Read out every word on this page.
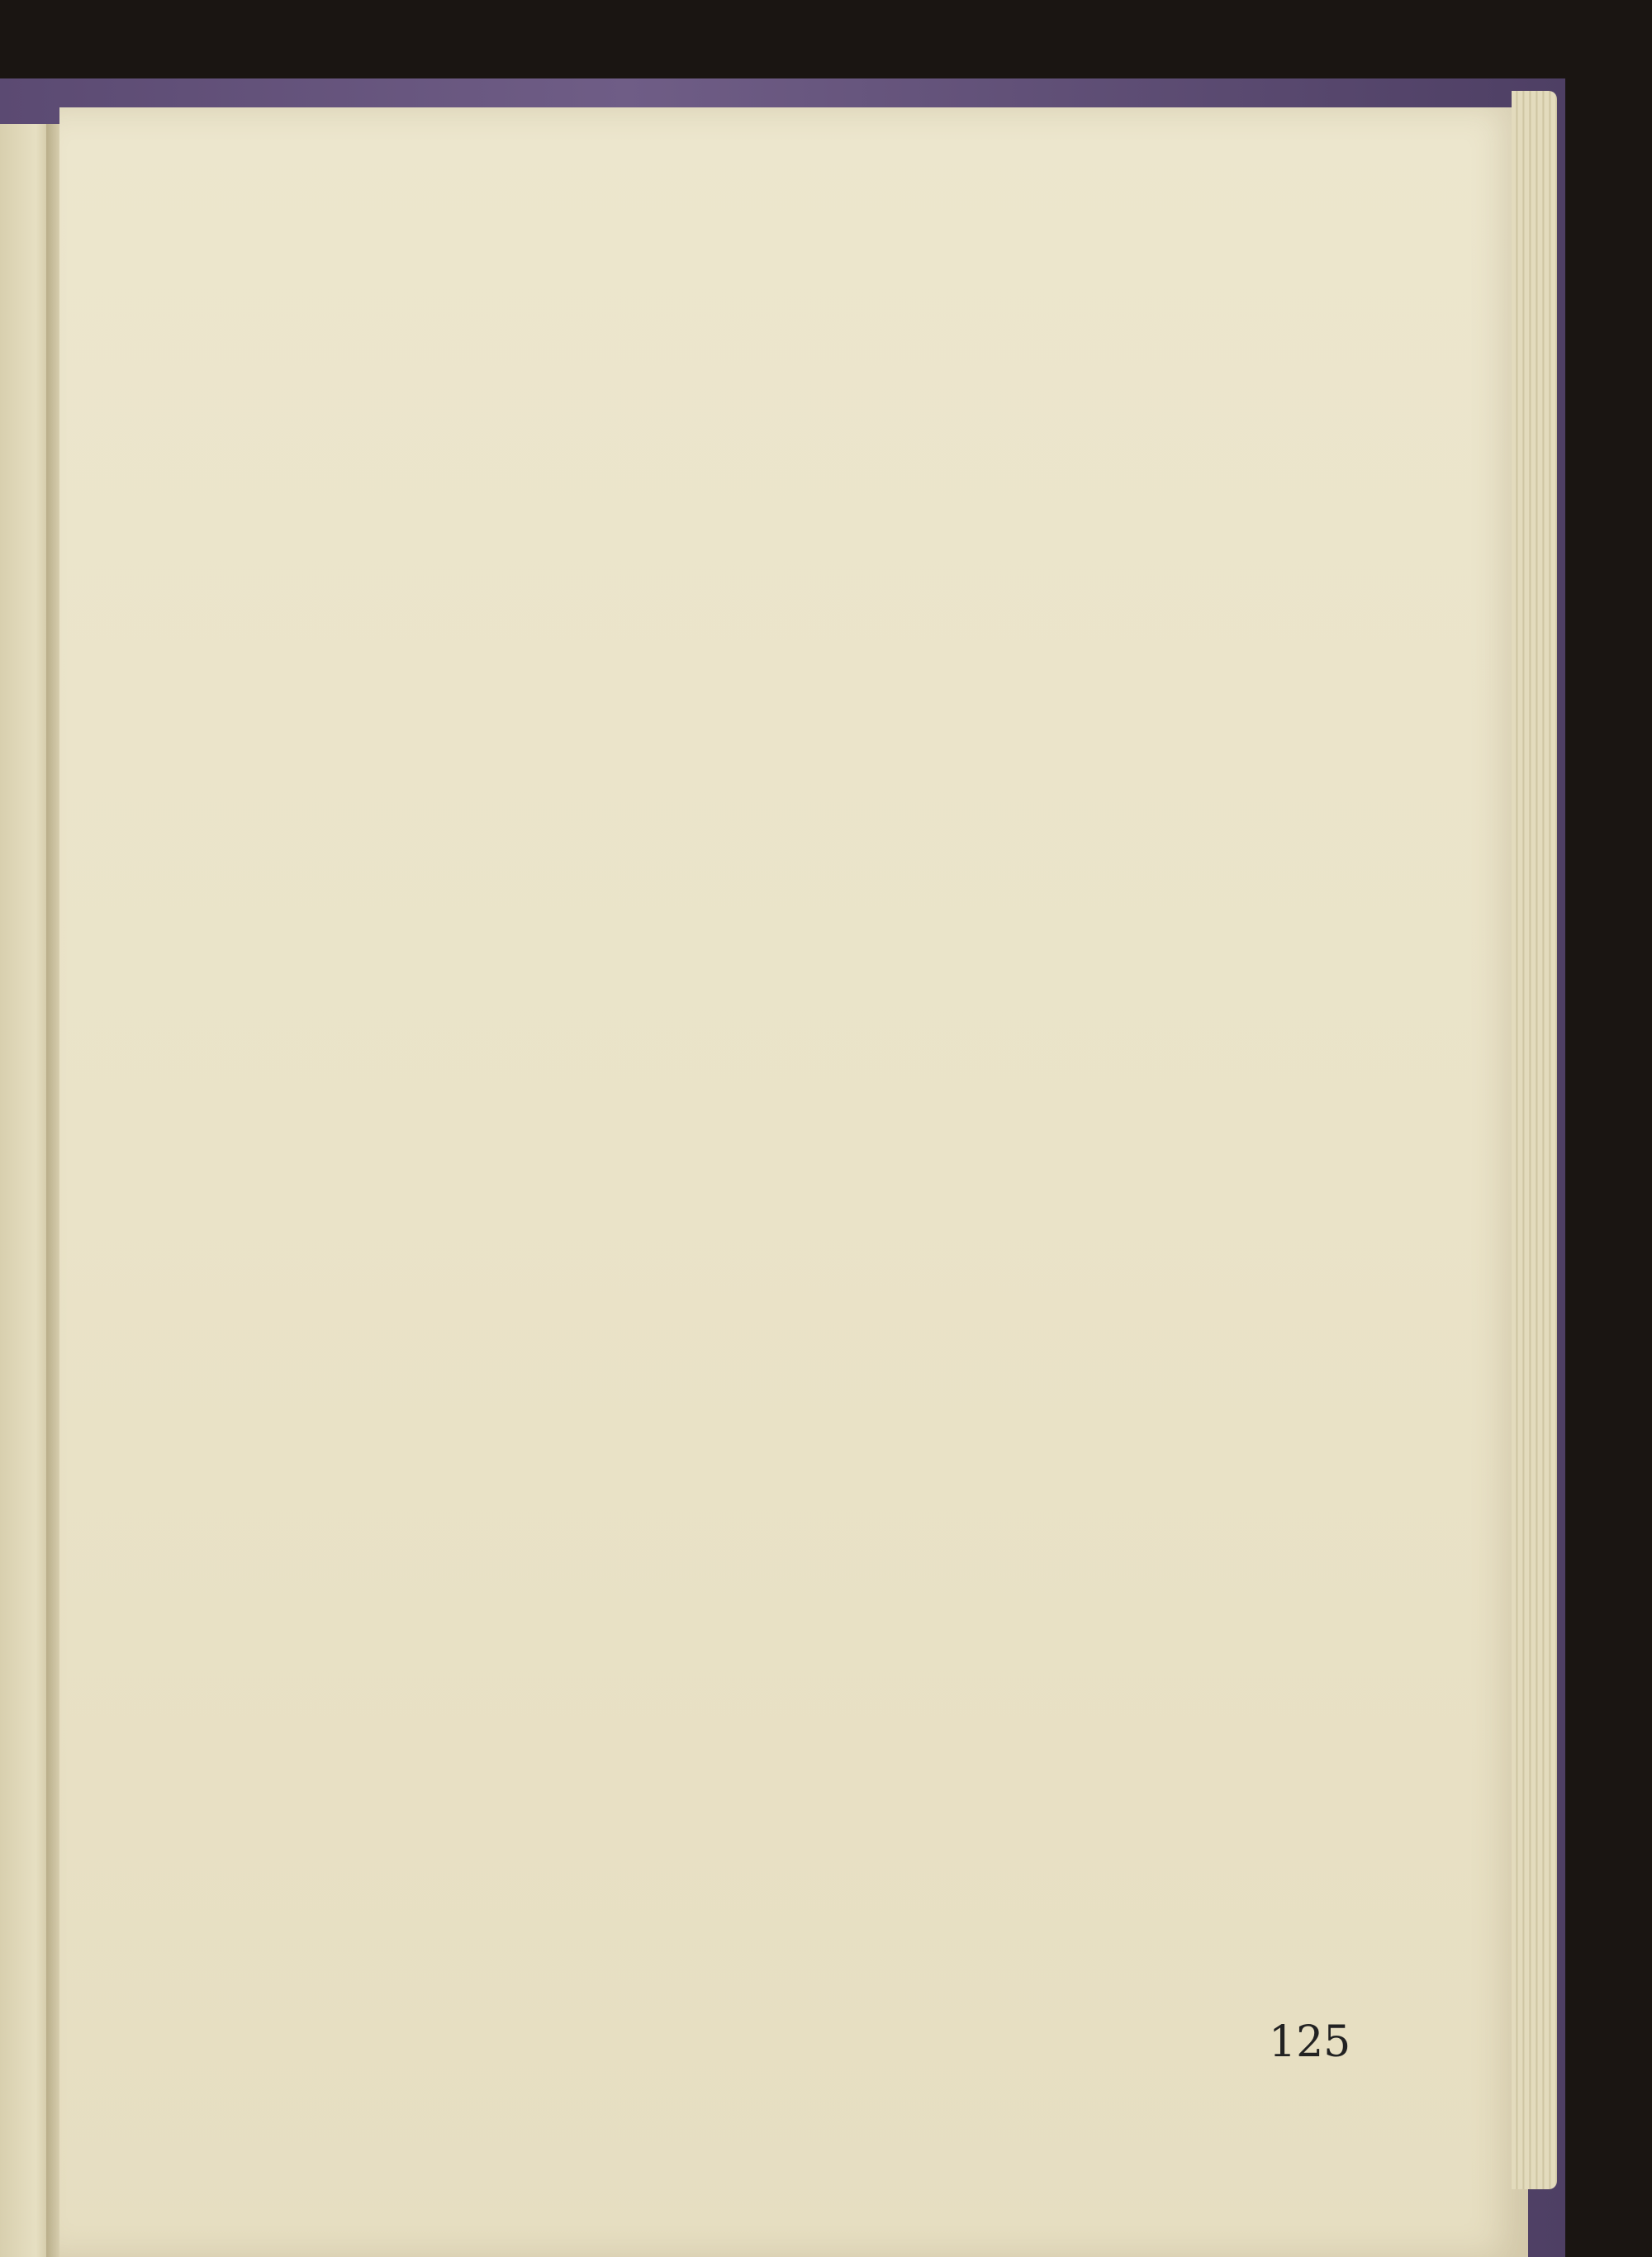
125
